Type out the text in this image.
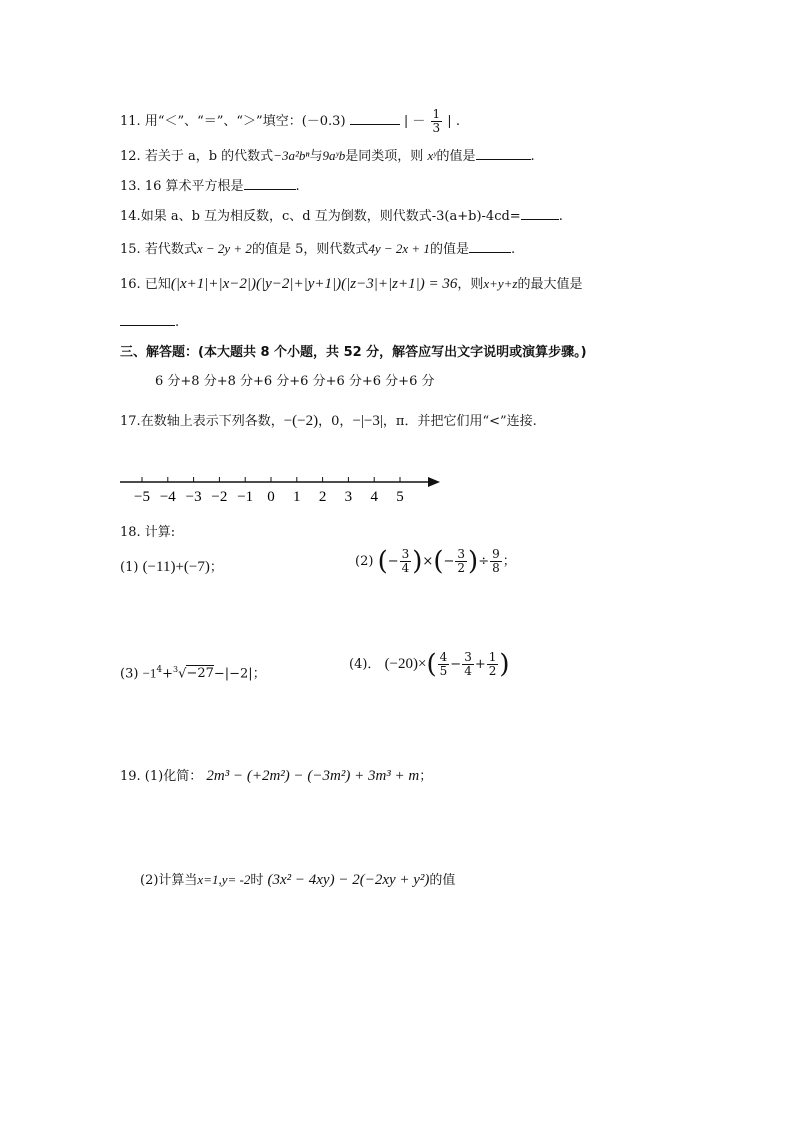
11. 用“＜”、“＝”、“＞”填空：(－0.3)	| － $\frac{1}{3}$ | .
12. 若关于 a，b 的代数式−3a²bⁿ与9aʸb是同类项，则 xʸ的值是	.
13. 16 算术平方根是	.
14.如果 a、b 互为相反数，c、d 互为倒数，则代数式-3(a+b)-4cd=	.
15. 若代数式x − 2y + 2的值是 5，则代数式4y − 2x + 1的值是	.
16. 已知(|x+1|+|x−2|)(|y−2|+|y+1|)(|z−3|+|z+1|) = 36，则x+y+z的最大值是
.
三、解答题：(本大题共 8 个小题，共 52 分，解答应写出文字说明或演算步骤。)
6 分+8 分+8 分+6 分+6 分+6 分+6 分+6 分
17.在数轴上表示下列各数，−(−2)，0，−|−3|，π．并把它们用“<”连接.
−5 −4 −3 −2 −1 0 1 2 3 4 5
18. 计算:
(1) (−11)+(−7)；	(2) (− $\frac{3}{4}$ )×(− $\frac{3}{2}$ )÷ $\frac{9}{8}$ ；
$(3) -1^4+^3√-27-|-2|$；
(4)． $(-20)\times( \frac{4}{5} - \frac{3}{4} + \frac{1}{2}$ )
19. (1)化简： 2m³ − (+2m²) − (−3m²) + 3m³ + m；
(2)计算当x=1,y= -2时 (3x² − 4xy) − 2(−2xy + y²)的值
